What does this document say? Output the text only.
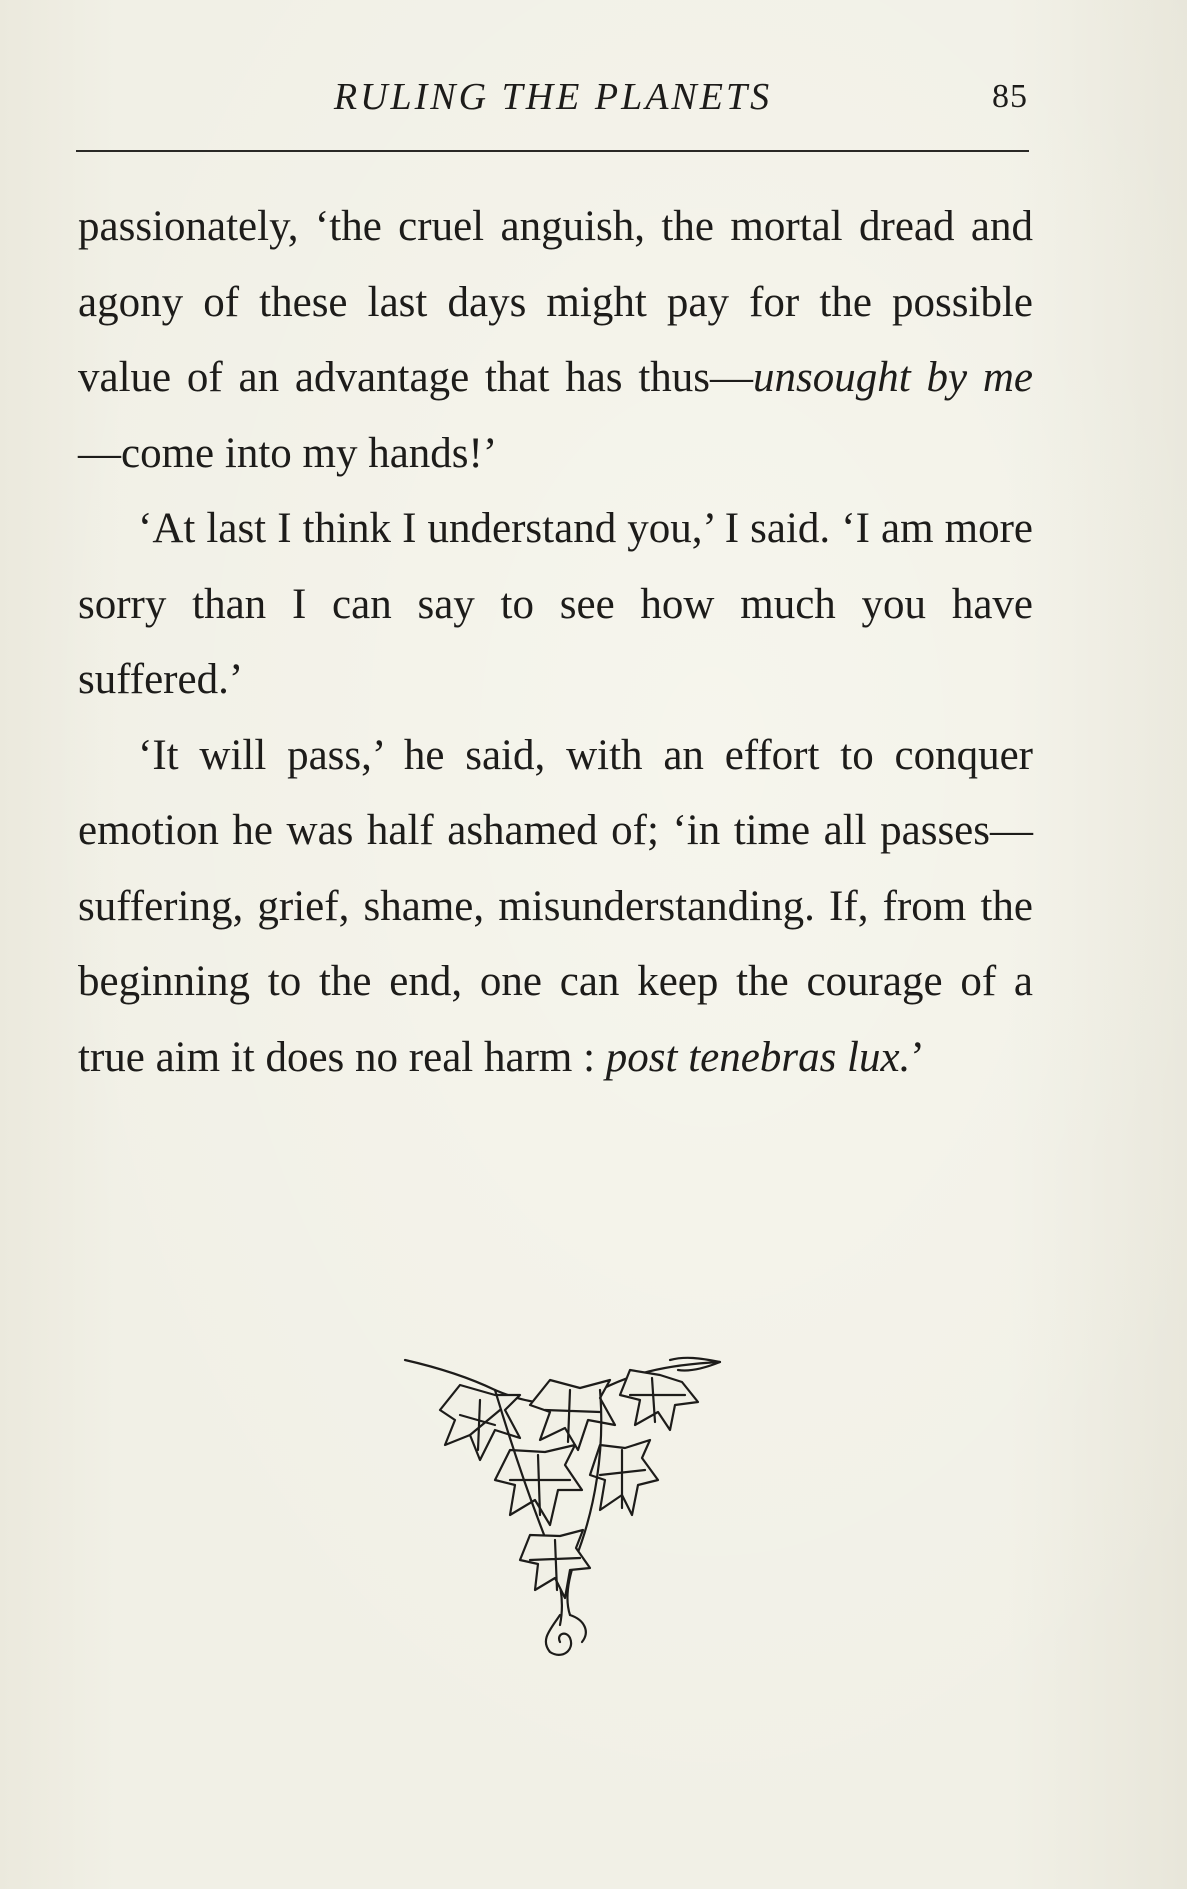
RULING THE PLANETS	85

passionately, ‘the cruel anguish, the mortal dread and agony of these last days might pay for the possible value of an advantage that has thus—unsought by me—come into my hands!’

‘At last I think I understand you,’ I said. ‘I am more sorry than I can say to see how much you have suffered.’

‘It will pass,’ he said, with an effort to conquer emotion he was half ashamed of; ‘in time all passes—suffering, grief, shame, misunderstanding. If, from the beginning to the end, one can keep the courage of a true aim it does no real harm : post tenebras lux.’
